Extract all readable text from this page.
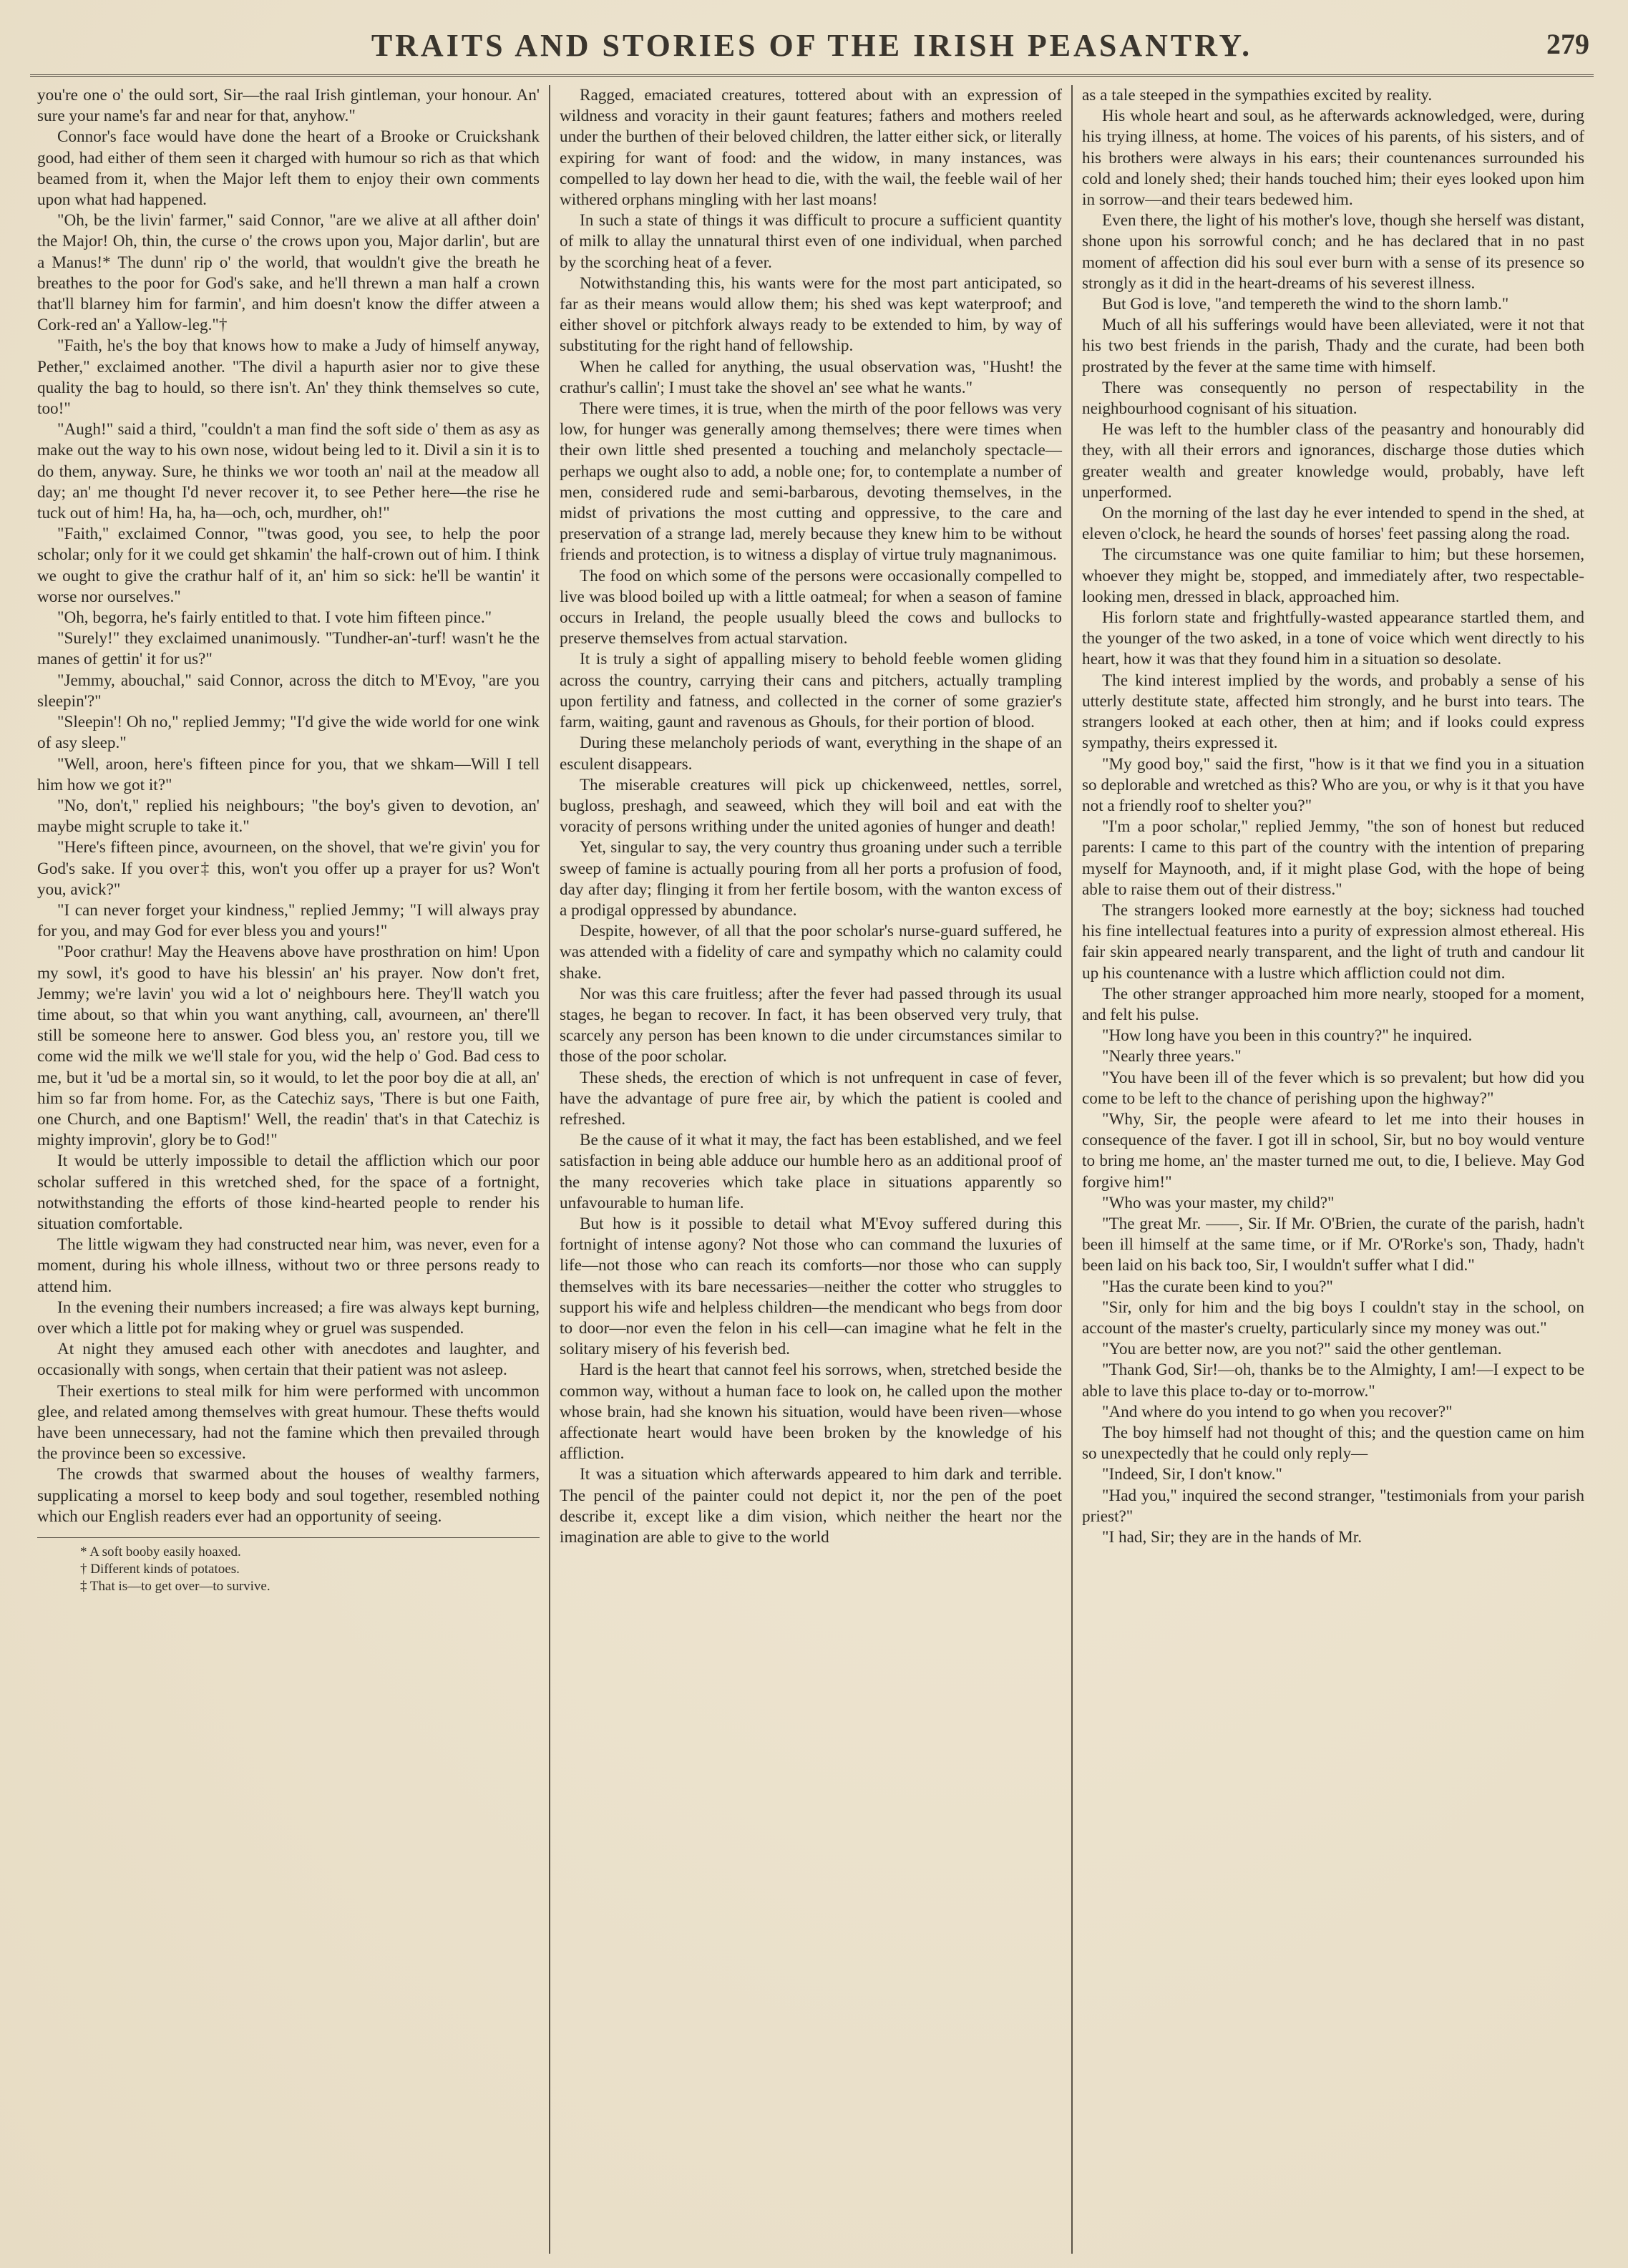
TRAITS AND STORIES OF THE IRISH PEASANTRY.	279

you're one o' the ould sort, Sir—the raal Irish gintleman, your honour. An' sure your name's far and near for that, anyhow."

Connor's face would have done the heart of a Brooke or Cruickshank good, had either of them seen it charged with humour so rich as that which beamed from it, when the Major left them to enjoy their own comments upon what had happened.

"Oh, be the livin' farmer," said Connor, "are we alive at all afther doin' the Major! Oh, thin, the curse o' the crows upon you, Major darlin', but are a Manus!* The dunn' rip o' the world, that wouldn't give the breath he breathes to the poor for God's sake, and he'll threwn a man half a crown that'll blarney him for farmin', and him doesn't know the differ atween a Cork-red an' a Yallow-leg."†

"Faith, he's the boy that knows how to make a Judy of himself anyway, Pether," exclaimed another. "The divil a hapurth asier nor to give these quality the bag to hould, so there isn't. An' they think themselves so cute, too!"

"Augh!" said a third, "couldn't a man find the soft side o' them as asy as make out the way to his own nose, widout being led to it. Divil a sin it is to do them, anyway. Sure, he thinks we wor tooth an' nail at the meadow all day; an' me thought I'd never recover it, to see Pether here—the rise he tuck out of him! Ha, ha, ha—och, och, murdher, oh!"

"Faith," exclaimed Connor, "'twas good, you see, to help the poor scholar; only for it we could get shkamin' the half-crown out of him. I think we ought to give the crathur half of it, an' him so sick: he'll be wantin' it worse nor ourselves."

"Oh, begorra, he's fairly entitled to that. I vote him fifteen pince."

"Surely!" they exclaimed unanimously. "Tundher-an'-turf! wasn't he the manes of gettin' it for us?"

"Jemmy, abouchal," said Connor, across the ditch to M'Evoy, "are you sleepin'?"

"Sleepin'! Oh no," replied Jemmy; "I'd give the wide world for one wink of asy sleep."

"Well, aroon, here's fifteen pince for you, that we shkam—Will I tell him how we got it?"

"No, don't," replied his neighbours; "the boy's given to devotion, an' maybe might scruple to take it."

"Here's fifteen pince, avourneen, on the shovel, that we're givin' you for God's sake. If you over‡ this, won't you offer up a prayer for us? Won't you, avick?"

"I can never forget your kindness," replied Jemmy; "I will always pray for you, and may God for ever bless you and yours!"

"Poor crathur! May the Heavens above have prosthration on him! Upon my sowl, it's good to have his blessin' an' his prayer. Now don't fret, Jemmy; we're lavin' you wid a lot o' neighbours here. They'll watch you time about, so that whin you want anything, call, avourneen, an' there'll still be someone here to answer. God bless you, an' restore you, till we come wid the milk we we'll stale for you, wid the help o' God. Bad cess to me, but it 'ud be a mortal sin, so it would, to let the poor boy die at all, an' him so far from home. For, as the Catechiz says, 'There is but one Faith, one Church, and one Baptism!' Well, the readin' that's in that Catechiz is mighty improvin', glory be to God!"

It would be utterly impossible to detail the affliction which our poor scholar suffered in this wretched shed, for the space of a fortnight, notwithstanding the efforts of those kind-hearted people to render his situation comfortable.

The little wigwam they had constructed near him, was never, even for a moment, during his whole illness, without two or three persons ready to attend him.

In the evening their numbers increased; a fire was always kept burning, over which a little pot for making whey or gruel was suspended.

At night they amused each other with anecdotes and laughter, and occasionally with songs, when certain that their patient was not asleep.

Their exertions to steal milk for him were performed with uncommon glee, and related among themselves with great humour. These thefts would have been unnecessary, had not the famine which then prevailed through the province been so excessive.

The crowds that swarmed about the houses of wealthy farmers, supplicating a morsel to keep body and soul together, resembled nothing which our English readers ever had an opportunity of seeing.

* A soft booby easily hoaxed.
† Different kinds of potatoes.
‡ That is—to get over—to survive.

Ragged, emaciated creatures, tottered about with an expression of wildness and voracity in their gaunt features; fathers and mothers reeled under the burthen of their beloved children, the latter either sick, or literally expiring for want of food: and the widow, in many instances, was compelled to lay down her head to die, with the wail, the feeble wail of her withered orphans mingling with her last moans!

In such a state of things it was difficult to procure a sufficient quantity of milk to allay the unnatural thirst even of one individual, when parched by the scorching heat of a fever.

Notwithstanding this, his wants were for the most part anticipated, so far as their means would allow them; his shed was kept waterproof; and either shovel or pitchfork always ready to be extended to him, by way of substituting for the right hand of fellowship.

When he called for anything, the usual observation was, "Husht! the crathur's callin'; I must take the shovel an' see what he wants."

There were times, it is true, when the mirth of the poor fellows was very low, for hunger was generally among themselves; there were times when their own little shed presented a touching and melancholy spectacle—perhaps we ought also to add, a noble one; for, to contemplate a number of men, considered rude and semi-barbarous, devoting themselves, in the midst of privations the most cutting and oppressive, to the care and preservation of a strange lad, merely because they knew him to be without friends and protection, is to witness a display of virtue truly magnanimous.

The food on which some of the persons were occasionally compelled to live was blood boiled up with a little oatmeal; for when a season of famine occurs in Ireland, the people usually bleed the cows and bullocks to preserve themselves from actual starvation.

It is truly a sight of appalling misery to behold feeble women gliding across the country, carrying their cans and pitchers, actually trampling upon fertility and fatness, and collected in the corner of some grazier's farm, waiting, gaunt and ravenous as Ghouls, for their portion of blood.

During these melancholy periods of want, everything in the shape of an esculent disappears.

The miserable creatures will pick up chickenweed, nettles, sorrel, bugloss, preshagh, and seaweed, which they will boil and eat with the voracity of persons writhing under the united agonies of hunger and death!

Yet, singular to say, the very country thus groaning under such a terrible sweep of famine is actually pouring from all her ports a profusion of food, day after day; flinging it from her fertile bosom, with the wanton excess of a prodigal oppressed by abundance.

Despite, however, of all that the poor scholar's nurse-guard suffered, he was attended with a fidelity of care and sympathy which no calamity could shake.

Nor was this care fruitless; after the fever had passed through its usual stages, he began to recover. In fact, it has been observed very truly, that scarcely any person has been known to die under circumstances similar to those of the poor scholar.

These sheds, the erection of which is not unfrequent in case of fever, have the advantage of pure free air, by which the patient is cooled and refreshed.

Be the cause of it what it may, the fact has been established, and we feel satisfaction in being able adduce our humble hero as an additional proof of the many recoveries which take place in situations apparently so unfavourable to human life.

But how is it possible to detail what M'Evoy suffered during this fortnight of intense agony? Not those who can command the luxuries of life—not those who can reach its comforts—nor those who can supply themselves with its bare necessaries—neither the cotter who struggles to support his wife and helpless children—the mendicant who begs from door to door—nor even the felon in his cell—can imagine what he felt in the solitary misery of his feverish bed.

Hard is the heart that cannot feel his sorrows, when, stretched beside the common way, without a human face to look on, he called upon the mother whose brain, had she known his situation, would have been riven—whose affectionate heart would have been broken by the knowledge of his affliction.

It was a situation which afterwards appeared to him dark and terrible. The pencil of the painter could not depict it, nor the pen of the poet describe it, except like a dim vision, which neither the heart nor the imagination are able to give to the world

as a tale steeped in the sympathies excited by reality.

His whole heart and soul, as he afterwards acknowledged, were, during his trying illness, at home. The voices of his parents, of his sisters, and of his brothers were always in his ears; their countenances surrounded his cold and lonely shed; their hands touched him; their eyes looked upon him in sorrow—and their tears bedewed him.

Even there, the light of his mother's love, though she herself was distant, shone upon his sorrowful conch; and he has declared that in no past moment of affection did his soul ever burn with a sense of its presence so strongly as it did in the heart-dreams of his severest illness.

But God is love, "and tempereth the wind to the shorn lamb."

Much of all his sufferings would have been alleviated, were it not that his two best friends in the parish, Thady and the curate, had been both prostrated by the fever at the same time with himself.

There was consequently no person of respectability in the neighbourhood cognisant of his situation.

He was left to the humbler class of the peasantry and honourably did they, with all their errors and ignorances, discharge those duties which greater wealth and greater knowledge would, probably, have left unperformed.

On the morning of the last day he ever intended to spend in the shed, at eleven o'clock, he heard the sounds of horses' feet passing along the road.

The circumstance was one quite familiar to him; but these horsemen, whoever they might be, stopped, and immediately after, two respectable-looking men, dressed in black, approached him.

His forlorn state and frightfully-wasted appearance startled them, and the younger of the two asked, in a tone of voice which went directly to his heart, how it was that they found him in a situation so desolate.

The kind interest implied by the words, and probably a sense of his utterly destitute state, affected him strongly, and he burst into tears. The strangers looked at each other, then at him; and if looks could express sympathy, theirs expressed it.

"My good boy," said the first, "how is it that we find you in a situation so deplorable and wretched as this? Who are you, or why is it that you have not a friendly roof to shelter you?"

"I'm a poor scholar," replied Jemmy, "the son of honest but reduced parents: I came to this part of the country with the intention of preparing myself for Maynooth, and, if it might plase God, with the hope of being able to raise them out of their distress."

The strangers looked more earnestly at the boy; sickness had touched his fine intellectual features into a purity of expression almost ethereal. His fair skin appeared nearly transparent, and the light of truth and candour lit up his countenance with a lustre which affliction could not dim.

The other stranger approached him more nearly, stooped for a moment, and felt his pulse.

"How long have you been in this country?" he inquired.

"Nearly three years."

"You have been ill of the fever which is so prevalent; but how did you come to be left to the chance of perishing upon the highway?"

"Why, Sir, the people were afeard to let me into their houses in consequence of the faver. I got ill in school, Sir, but no boy would venture to bring me home, an' the master turned me out, to die, I believe. May God forgive him!"

"Who was your master, my child?"

"The great Mr. ——, Sir. If Mr. O'Brien, the curate of the parish, hadn't been ill himself at the same time, or if Mr. O'Rorke's son, Thady, hadn't been laid on his back too, Sir, I wouldn't suffer what I did."

"Has the curate been kind to you?"

"Sir, only for him and the big boys I couldn't stay in the school, on account of the master's cruelty, particularly since my money was out."

"You are better now, are you not?" said the other gentleman.

"Thank God, Sir!—oh, thanks be to the Almighty, I am!—I expect to be able to lave this place to-day or to-morrow."

"And where do you intend to go when you recover?"

The boy himself had not thought of this; and the question came on him so unexpectedly that he could only reply—

"Indeed, Sir, I don't know."

"Had you," inquired the second stranger, "testimonials from your parish priest?"

"I had, Sir; they are in the hands of Mr.
